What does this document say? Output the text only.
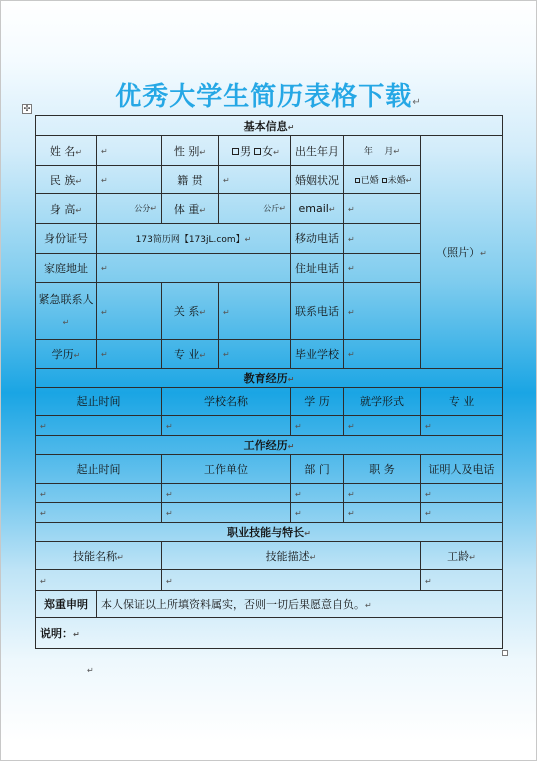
优秀大学生简历表格下载↵
✣
基本信息↵						
姓 名↵	↵	性 别↵	男 女↵	出生年月	年 月↵	（照片）↵
民 族↵	↵	籍 贯	↵	婚姻状况	已婚 未婚↵	
身 高↵	公分↵	体 重↵	公斤↵	email↵	↵	
身份证号	173简历网【173jL.com】↵			移动电话	↵	
家庭地址	↵			住址电话	↵	
紧急联系人↵	↵	关 系↵	↵	联系电话	↵	
学历↵	↵	专 业↵	↵	毕业学校	↵	
教育经历↵						
起止时间		学校名称		学 历	就学形式	专 业
↵		↵		↵	↵	↵
工作经历↵						
起止时间		工作单位		部 门	职 务	证明人及电话
↵		↵		↵	↵	↵
↵		↵		↵	↵	↵
职业技能与特长↵						
技能名称↵		技能描述↵				工龄↵
↵		↵				↵
郑重申明	本人保证以上所填资料属实，否则一切后果愿意自负。↵					
说明：↵						
↵
